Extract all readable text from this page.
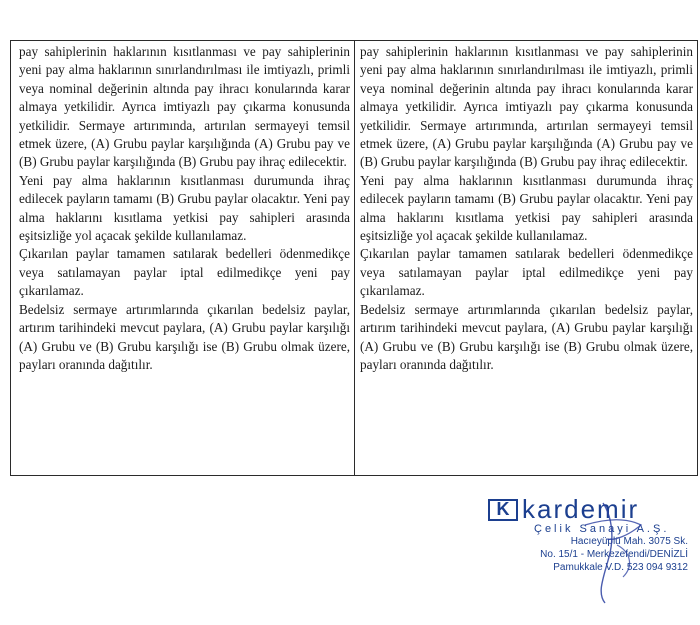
pay sahiplerinin haklarının kısıtlanması ve pay sahiplerinin yeni pay alma haklarının sınırlandırılması ile imtiyazlı, primli veya nominal değerinin altında pay ihracı konularında karar almaya yetkilidir. Ayrıca imtiyazlı pay çıkarma konusunda yetkilidir. Sermaye artırımında, artırılan sermayeyi temsil etmek üzere, (A) Grubu paylar karşılığında (A) Grubu pay ve (B) Grubu paylar karşılığında (B) Grubu pay ihraç edilecektir.

Yeni pay alma haklarının kısıtlanması durumunda ihraç edilecek payların tamamı (B) Grubu paylar olacaktır. Yeni pay alma haklarını kısıtlama yetkisi pay sahipleri arasında eşitsizliğe yol açacak şekilde kullanılamaz.

Çıkarılan paylar tamamen satılarak bedelleri ödenmedikçe veya satılamayan paylar iptal edilmedikçe yeni pay çıkarılamaz.

Bedelsiz sermaye artırımlarında çıkarılan bedelsiz paylar, artırım tarihindeki mevcut paylara, (A) Grubu paylar karşılığı (A) Grubu ve (B) Grubu karşılığı ise (B) Grubu olmak üzere, payları oranında dağıtılır.

pay sahiplerinin haklarının kısıtlanması ve pay sahiplerinin yeni pay alma haklarının sınırlandırılması ile imtiyazlı, primli veya nominal değerinin altında pay ihracı konularında karar almaya yetkilidir. Ayrıca imtiyazlı pay çıkarma konusunda yetkilidir. Sermaye artırımında, artırılan sermayeyi temsil etmek üzere, (A) Grubu paylar karşılığında (A) Grubu pay ve (B) Grubu paylar karşılığında (B) Grubu pay ihraç edilecektir.

Yeni pay alma haklarının kısıtlanması durumunda ihraç edilecek payların tamamı (B) Grubu paylar olacaktır. Yeni pay alma haklarını kısıtlama yetkisi pay sahipleri arasında eşitsizliğe yol açacak şekilde kullanılamaz.

Çıkarılan paylar tamamen satılarak bedelleri ödenmedikçe veya satılamayan paylar iptal edilmedikçe yeni pay çıkarılamaz.

Bedelsiz sermaye artırımlarında çıkarılan bedelsiz paylar, artırım tarihindeki mevcut paylara, (A) Grubu paylar karşılığı (A) Grubu ve (B) Grubu karşılığı ise (B) Grubu olmak üzere, payları oranında dağıtılır.

K kardemir
Çelik Sanayi A.Ş.
Hacıeyüplü Mah. 3075 Sk.
No. 15/1 - Merkezefendi/DENİZLİ
Pamukkale V.D. 523 094 9312
